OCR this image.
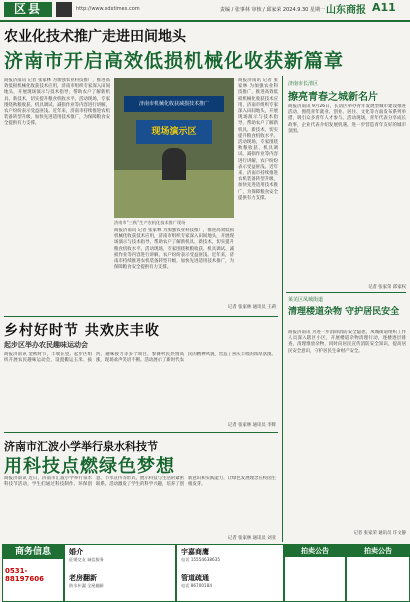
区县	http://www.sdxtimes.com	责编 / 张事林 审核 / 邱家荣 2024.9.30 星期一 山东商报 A11
农业化技术推广走进田间地头
济南市开启高效低损机械化收获新篇章
商报济南讯 记者 张家林 为加强农业科技推广，推进高效低损机械化收获技术应用，济南市组织专家深入田间地头，开展现场演示与技术指导，帮助农户了解新机具、新技术，切实提升粮食机收水平。活动现场，专家围绕秋粮收获、机具调试、减损作业等内容进行讲解，农户纷纷表示受益匪浅。近年来，济南市持续推进农机装备转型升级，加快先进适用技术推广，为保障粮食安全提供有力支撑。
济南市机械化收获减损技术推广
现场演示区
济南市“三秋”生产农机化技术推广现场
商报济南讯 记者 张家林 为加强农业科技推广，推进高效低损机械化收获技术应用，济南市组织专家深入田间地头，开展现场演示与技术指导，帮助农户了解新机具、新技术，切实提升粮食机收水平。活动现场，专家围绕秋粮收获、机具调试、减损作业等内容进行讲解，农户纷纷表示受益匪浅。近年来，济南市持续推进农机装备转型升级，加快先进适用技术推广，为保障粮食安全提供有力支撑。
商报济南讯 记者 张家林 为加强农业科技推广，推进高效低损机械化收获技术应用，济南市组织专家深入田间地头，开展现场演示与技术指导，帮助农户了解新机具、新技术，切实提升粮食机收水平。活动现场，专家围绕秋粮收获、机具调试、减损作业等内容进行讲解，农户纷纷表示受益匪浅。近年来，济南市持续推进农机装备转型升级，加快先进适用技术推广，为保障粮食安全提供有力支撑。
记者 张家林 通讯员 王莉
济南市长清区
擦亮青春之城新名片
商报济南讯 9月26日，长清区举办青年发展型城市建设推进活动，围绕青年就业、创业、居住、文化等方面发布系列举措，吸引众多青年人才参与。活动现场，青年代表分享成长故事，企业代表介绍发展机遇，进一步营造青年友好的城市氛围。
记者 张家荣 邱家权
乡村好时节 共欢庆丰收
起步区举办农民趣味运动会
商报济南讯 金秋时节，丰收在望。起步区组织开展农民趣味运动会，设置搬运玉米、拔河、趣味接力等多个项目，参赛村民热情高涨，现场欢声笑语不断。活动展示了新时代农民的精神风貌，营造了喜庆丰收的浓厚氛围。
记者 张家林 通讯员 李辉
莱芜区凤城街道
清理楼道杂物 守护居民安全
商报济南讯 为进一步消除消防安全隐患，凤城街道组织工作人员深入辖区小区，开展楼道杂物清理行动，逐楼逐层排查，清理堆放杂物，同时向居民宣传消防安全知识，提高居民安全意识，守护居民生命财产安全。
记者 张家荣 通讯员 许文静
济南市汇波小学举行泉水科技节
用科技点燃绿色梦想
商报济南讯 近日，济南市汇波小学举行泉水科技节活动，学生们通过科技制作、环保创意、节水宣传等形式，展示科技与生活的紧密联系。活动激发了学生的科学兴趣，培养了创新意识和实践能力，让绿色发展理念在校园生根发芽。
记者 张家林 通讯员 刘亚
商务信息
0531-88197606
婚介
征婚交友 诚信服务
老房翻新
防水补漏 全屋翻新
宇嘉商鹰
电话 15554638635
管道疏通
电话 86700184
拍卖公告	拍卖公告
